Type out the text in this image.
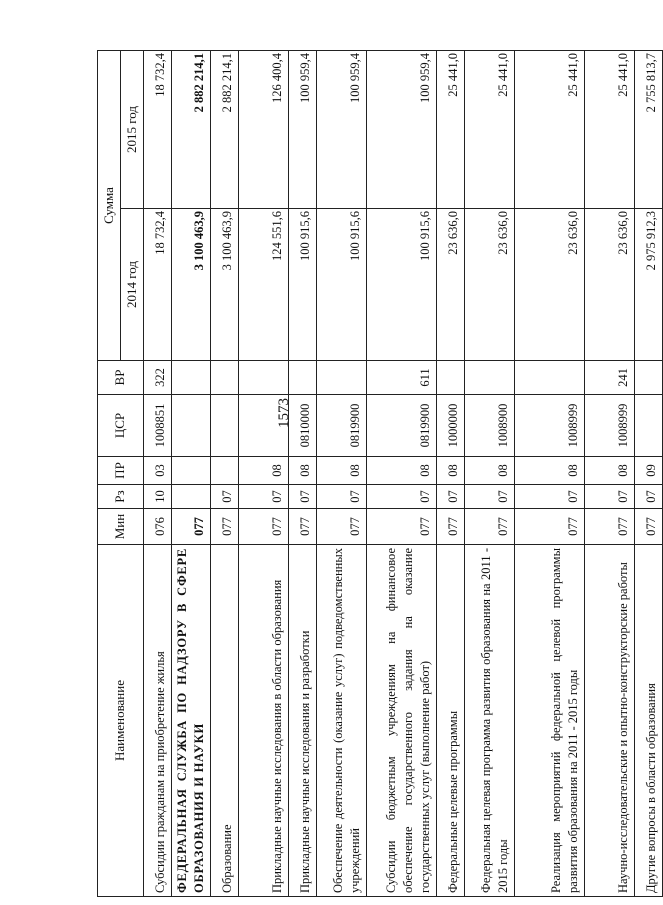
1573
Наименование	Мин	Рз	ПР	ЦСР	ВР	Сумма	
						2014 год	2015 год
Субсидии гражданам на приобретение жилья	076	10	03	1008851	322	18 732,4	18 732,4
ФЕДЕРАЛЬНАЯ СЛУЖБА ПО НАДЗОРУ В СФЕРЕ ОБРАЗОВАНИЯ И НАУКИ	077					3 100 463,9	2 882 214,1
Образование	077	07				3 100 463,9	2 882 214,1
Прикладные научные исследования в области образования	077	07	08			124 551,6	126 400,4
Прикладные научные исследования и разработки	077	07	08	0810000		100 915,6	100 959,4
Обеспечение деятельности (оказание услуг) подведомственных учреждений	077	07	08	0819900		100 915,6	100 959,4
Субсидии бюджетным учреждениям на финансовое обеспечение государственного задания на оказание государственных услуг (выполнение работ)	077	07	08	0819900	611	100 915,6	100 959,4
Федеральные целевые программы	077	07	08	1000000		23 636,0	25 441,0
Федеральная целевая программа развития образования на 2011 - 2015 годы	077	07	08	1008900		23 636,0	25 441,0
Реализация мероприятий федеральной целевой программы развития образования на 2011 - 2015 годы	077	07	08	1008999		23 636,0	25 441,0
Научно-исследовательские и опытно-конструкторские работы	077	07	08	1008999	241	23 636,0	25 441,0
Другие вопросы в области образования	077	07	09			2 975 912,3	2 755 813,7
